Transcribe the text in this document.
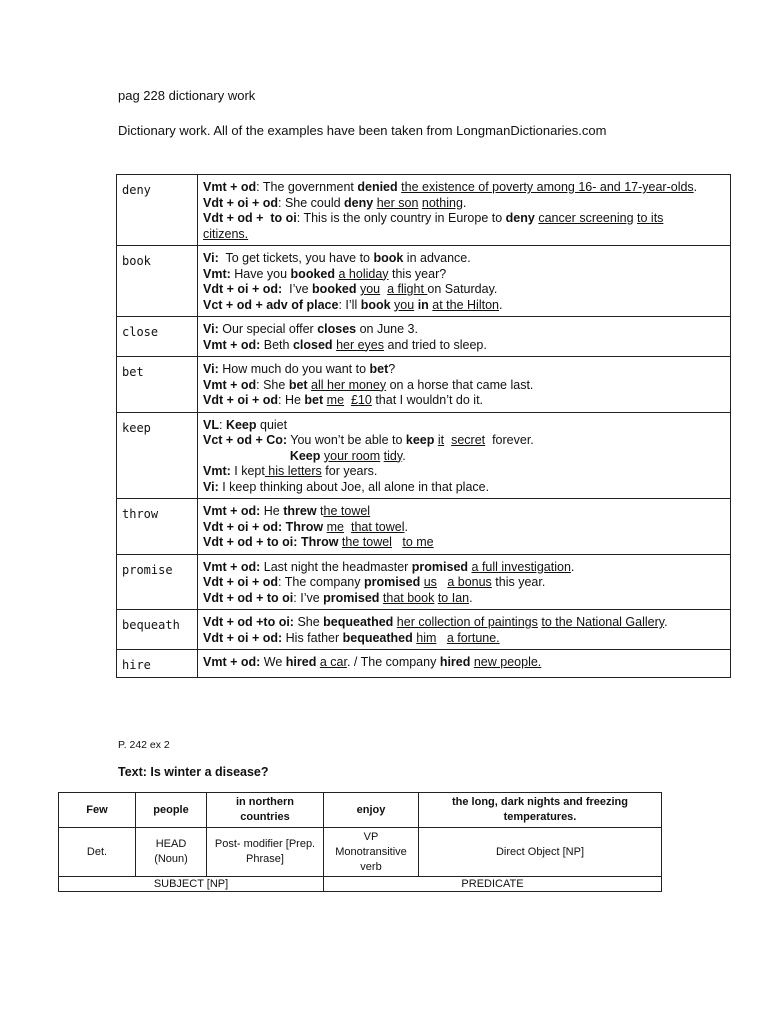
pag 228 dictionary work
Dictionary work. All of the examples have been taken from LongmanDictionaries.com
deny	Vmt + od: The government denied the existence of poverty among 16- and 17-year-olds.
Vdt + oi + od: She could deny her son nothing.
Vdt + od +  to oi: This is the only country in Europe to deny cancer screening to its
citizens.

book	Vi:  To get tickets, you have to book in advance.
Vmt: Have you booked a holiday this year?
Vdt + oi + od:  I’ve booked you a flight on Saturday.
Vct + od + adv of place: I’ll book you in at the Hilton.

close	Vi: Our special offer closes on June 3.
Vmt + od: Beth closed her eyes and tried to sleep.

bet	Vi: How much do you want to bet?
Vmt + od: She bet all her money on a horse that came last.
Vdt + oi + od: He bet me £10 that I wouldn’t do it.

keep	VL: Keep quiet
Vct + od + Co: You won’t be able to keep it secret  forever.
Keep your room tidy.
Vmt: I kept his letters for years.
Vi: I keep thinking about Joe, all alone in that place.

throw	Vmt + od: He threw the towel
Vdt + oi + od: Throw me that towel.
Vdt + od + to oi: Throw the towel to me

promise	Vmt + od: Last night the headmaster promised a full investigation.
Vdt + oi + od: The company promised us a bonus this year.
Vdt + od + to oi: I’ve promised that book to Ian.

bequeath	Vdt + od +to oi: She bequeathed her collection of paintings to the National Gallery.
Vdt + oi + od: His father bequeathed him a fortune.

hire	Vmt + od: We hired a car. / The company hired new people.
P. 242 ex 2
Text: Is winter a disease?
Few	people	in northern countries	enjoy	the long, dark nights and freezing temperatures.
Det.	HEAD (Noun)	Post- modifier [Prep. Phrase]	VP Monotransitive verb	Direct Object [NP]
SUBJECT [NP]			PREDICATE	
